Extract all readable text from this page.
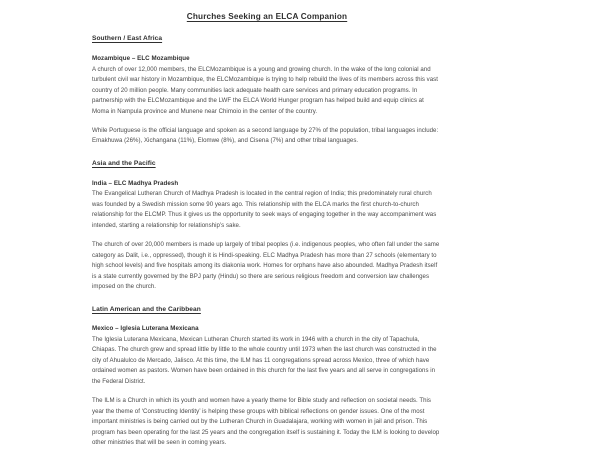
Churches Seeking an ELCA Companion
Southern / East Africa
Mozambique – ELC Mozambique

A church of over 12,000 members, the ELCMozambique is a young and growing church. In the wake of the long colonial and turbulent civil war history in Mozambique, the ELCMozambique is trying to help rebuild the lives of its members across this vast country of 20 million people. Many communities lack adequate health care services and primary education programs. In partnership with the ELCMozambique and the LWF the ELCA World Hunger program has helped build and equip clinics at Moma in Nampula province and Munene near Chimoio in the center of the country.

While Portuguese is the official language and spoken as a second language by 27% of the population, tribal languages include: Emakhuwa (26%), Xichangana (11%), Elomwe (8%), and Cisena (7%) and other tribal languages.

Asia and the Pacific
India – ELC Madhya Pradesh

The Evangelical Lutheran Church of Madhya Pradesh is located in the central region of India; this predominately rural church was founded by a Swedish mission some 90 years ago. This relationship with the ELCA marks the first church-to-church relationship for the ELCMP. Thus it gives us the opportunity to seek ways of engaging together in the way accompaniment was intended, starting a relationship for relationship’s sake.

The church of over 20,000 members is made up largely of tribal peoples (i.e. indigenous peoples, who often fall under the same category as Dalit, i.e., oppressed), though it is Hindi-speaking. ELC Madhya Pradesh has more than 27 schools (elementary to high school levels) and five hospitals among its diakonia work. Homes for orphans have also abounded. Madhya Pradesh itself is a state currently governed by the BPJ party (Hindu) so there are serious religious freedom and conversion law challenges imposed on the church.

Latin American and the Caribbean
Mexico – Iglesia Luterana Mexicana

The Iglesia Luterana Mexicana, Mexican Lutheran Church started its work in 1946 with a church in the city of Tapachula, Chiapas. The church grew and spread little by little to the whole country until 1973 when the last church was constructed in the city of Ahualulco de Mercado, Jalisco. At this time, the ILM has 11 congregations spread across Mexico, three of which have ordained women as pastors. Women have been ordained in this church for the last five years and all serve in congregations in the Federal District.

The ILM is a Church in which its youth and women have a yearly theme for Bible study and reflection on societal needs. This year the theme of ‘Constructing Identity’ is helping these groups with biblical reflections on gender issues. One of the most important ministries is being carried out by the Lutheran Church in Guadalajara, working with women in jail and prison. This program has been operating for the last 25 years and the congregation itself is sustaining it. Today the ILM is looking to develop other ministries that will be seen in coming years.
